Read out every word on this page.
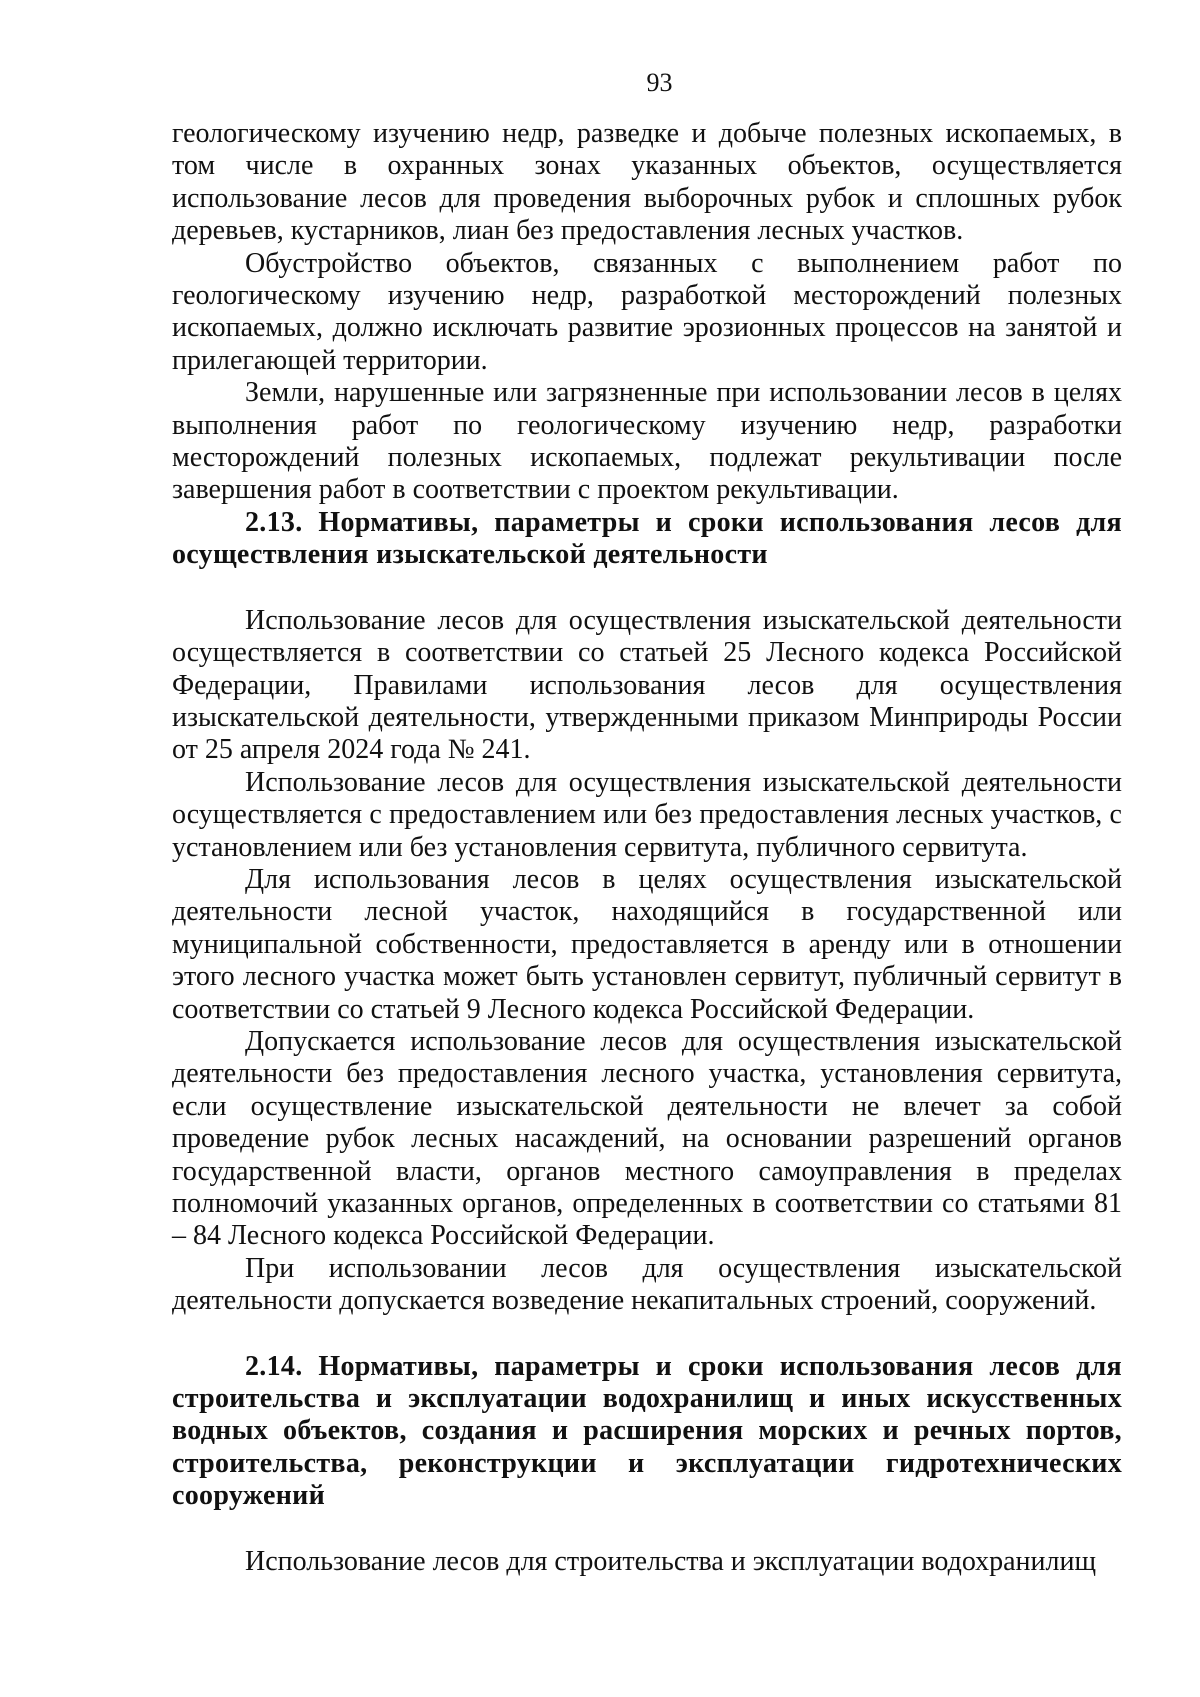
93

геологическому изучению недр, разведке и добыче полезных ископаемых, в том числе в охранных зонах указанных объектов, осуществляется использование лесов для проведения выборочных рубок и сплошных рубок деревьев, кустарников, лиан без предоставления лесных участков.

Обустройство объектов, связанных с выполнением работ по геологическому изучению недр, разработкой месторождений полезных ископаемых, должно исключать развитие эрозионных процессов на занятой и прилегающей территории.

Земли, нарушенные или загрязненные при использовании лесов в целях выполнения работ по геологическому изучению недр, разработки месторождений полезных ископаемых, подлежат рекультивации после завершения работ в соответствии с проектом рекультивации.

2.13. Нормативы, параметры и сроки использования лесов для осуществления изыскательской деятельности

Использование лесов для осуществления изыскательской деятельности осуществляется в соответствии со статьей 25 Лесного кодекса Российской Федерации, Правилами использования лесов для осуществления изыскательской деятельности, утвержденными приказом Минприроды России от 25 апреля 2024 года № 241.

Использование лесов для осуществления изыскательской деятельности осуществляется с предоставлением или без предоставления лесных участков, с установлением или без установления сервитута, публичного сервитута.

Для использования лесов в целях осуществления изыскательской деятельности лесной участок, находящийся в государственной или муниципальной собственности, предоставляется в аренду или в отношении этого лесного участка может быть установлен сервитут, публичный сервитут в соответствии со статьей 9 Лесного кодекса Российской Федерации.

Допускается использование лесов для осуществления изыскательской деятельности без предоставления лесного участка, установления сервитута, если осуществление изыскательской деятельности не влечет за собой проведение рубок лесных насаждений, на основании разрешений органов государственной власти, органов местного самоуправления в пределах полномочий указанных органов, определенных в соответствии со статьями 81 – 84 Лесного кодекса Российской Федерации.

При использовании лесов для осуществления изыскательской деятельности допускается возведение некапитальных строений, сооружений.

2.14. Нормативы, параметры и сроки использования лесов для строительства и эксплуатации водохранилищ и иных искусственных водных объектов, создания и расширения морских и речных портов, строительства, реконструкции и эксплуатации гидротехнических сооружений

Использование лесов для строительства и эксплуатации водохранилищ
